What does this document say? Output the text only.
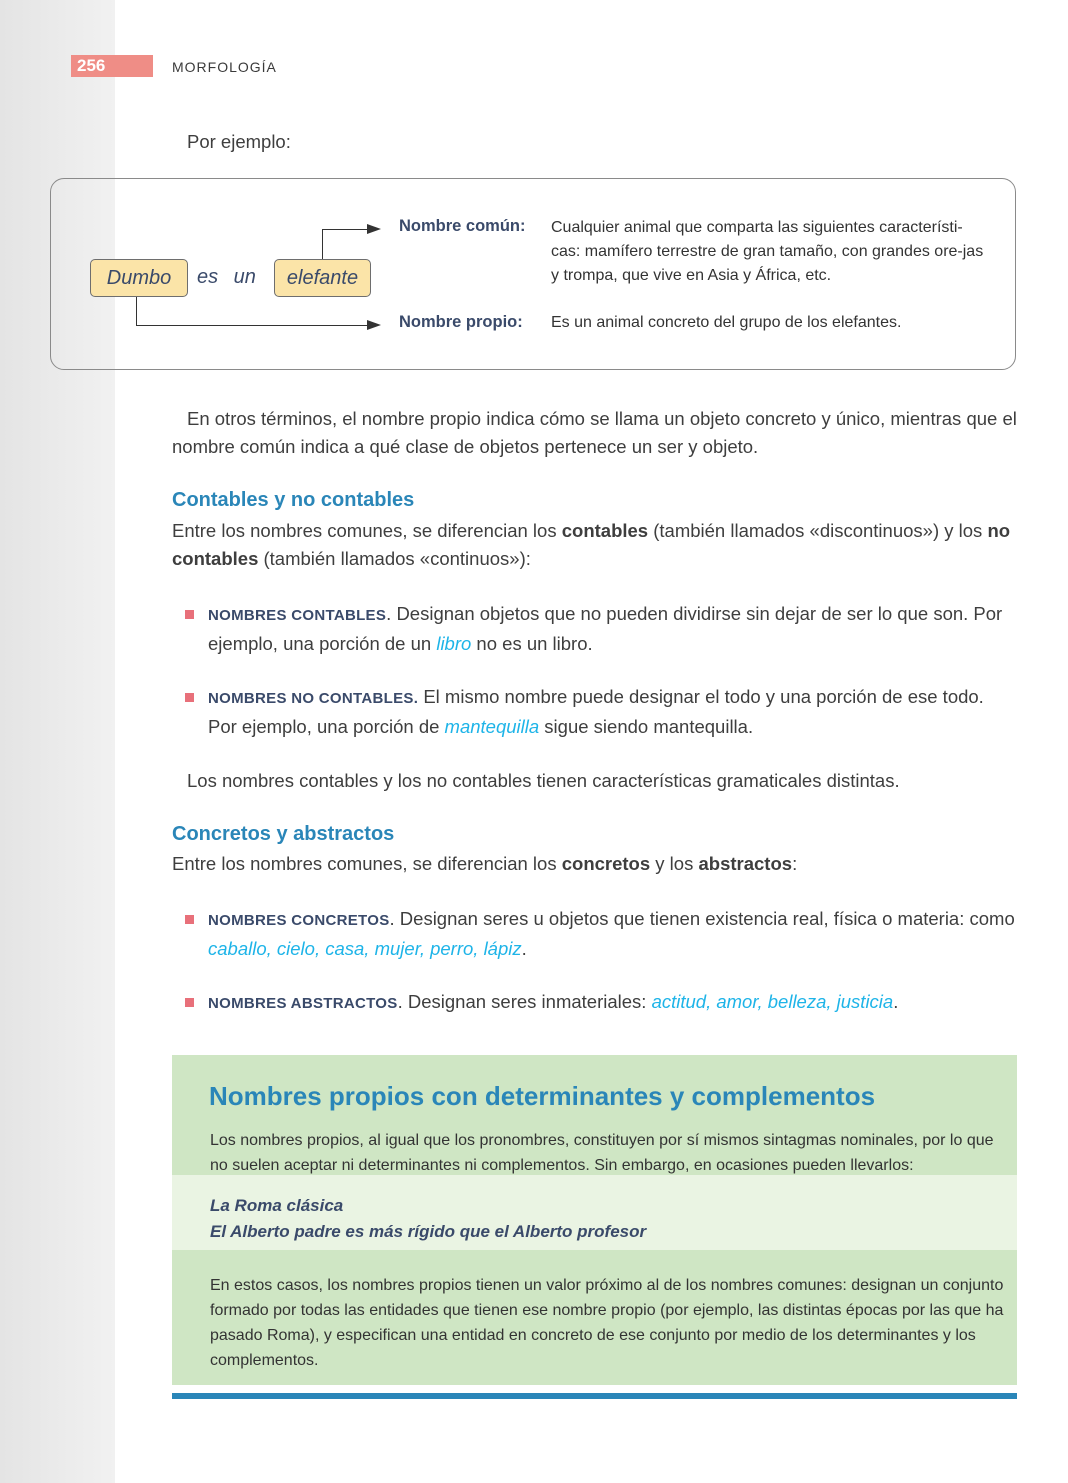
256	MORFOLOGÍA
Por ejemplo:
Dumbo	es un	elefante
Nombre común: Cualquier animal que comparta las siguientes característi-cas: mamífero terrestre de gran tamaño, con grandes ore-jas y trompa, que vive en Asia y África, etc.
Nombre propio: Es un animal concreto del grupo de los elefantes.
En otros términos, el nombre propio indica cómo se llama un objeto concreto y único, mientras que el nombre común indica a qué clase de objetos pertenece un ser y objeto.
Contables y no contables
Entre los nombres comunes, se diferencian los contables (también llamados «discontinuos») y los no contables (también llamados «continuos»):
NOMBRES CONTABLES. Designan objetos que no pueden dividirse sin dejar de ser lo que son. Por ejemplo, una porción de un libro no es un libro.
NOMBRES NO CONTABLES. El mismo nombre puede designar el todo y una porción de ese todo. Por ejemplo, una porción de mantequilla sigue siendo mantequilla.
Los nombres contables y los no contables tienen características gramaticales distintas.
Concretos y abstractos
Entre los nombres comunes, se diferencian los concretos y los abstractos:
NOMBRES CONCRETOS. Designan seres u objetos que tienen existencia real, física o materia: como caballo, cielo, casa, mujer, perro, lápiz.
NOMBRES ABSTRACTOS. Designan seres inmateriales: actitud, amor, belleza, justicia.
Nombres propios con determinantes y complementos
Los nombres propios, al igual que los pronombres, constituyen por sí mismos sintagmas nominales, por lo que no suelen aceptar ni determinantes ni complementos. Sin embargo, en ocasiones pueden llevarlos:
La Roma clásica
El Alberto padre es más rígido que el Alberto profesor
En estos casos, los nombres propios tienen un valor próximo al de los nombres comunes: designan un conjunto formado por todas las entidades que tienen ese nombre propio (por ejemplo, las distintas épocas por las que ha pasado Roma), y especifican una entidad en concreto de ese conjunto por medio de los determinantes y los complementos.
